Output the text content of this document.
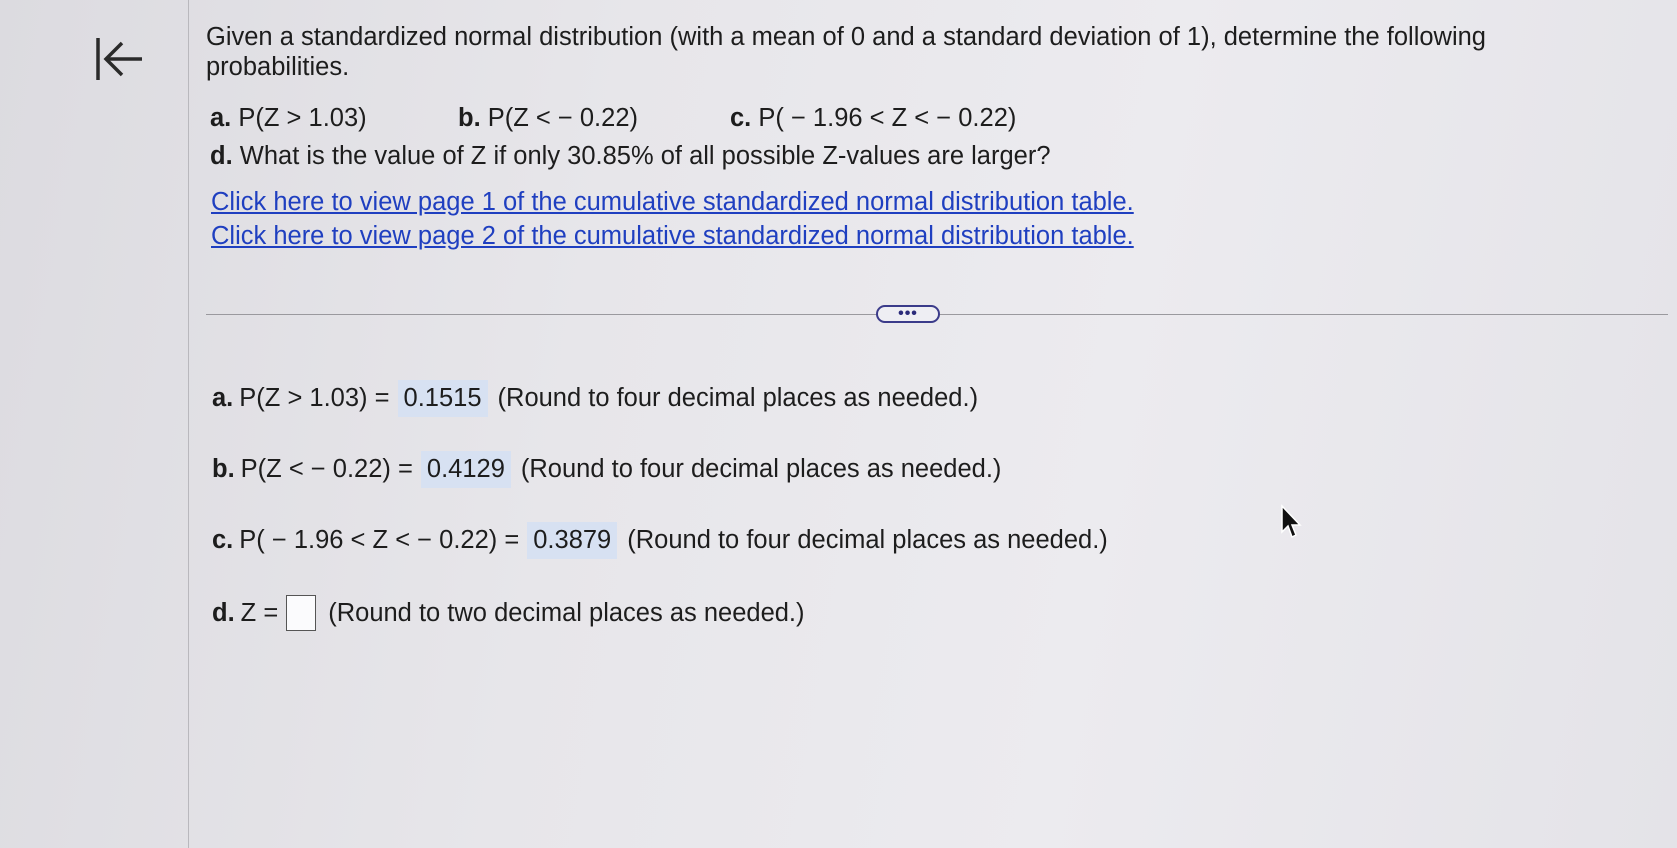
Given a standardized normal distribution (with a mean of 0 and a standard deviation of 1), determine the following probabilities.
a. P(Z > 1.03)	b. P(Z < − 0.22)	c. P( − 1.96 < Z < − 0.22)
d. What is the value of Z if only 30.85% of all possible Z-values are larger?
Click here to view page 1 of the cumulative standardized normal distribution table.
Click here to view page 2 of the cumulative standardized normal distribution table.
•••
a. P(Z > 1.03) = 0.1515 (Round to four decimal places as needed.)
b. P(Z < − 0.22) = 0.4129 (Round to four decimal places as needed.)
c. P( − 1.96 < Z < − 0.22) = 0.3879 (Round to four decimal places as needed.)
d. Z = (Round to two decimal places as needed.)
